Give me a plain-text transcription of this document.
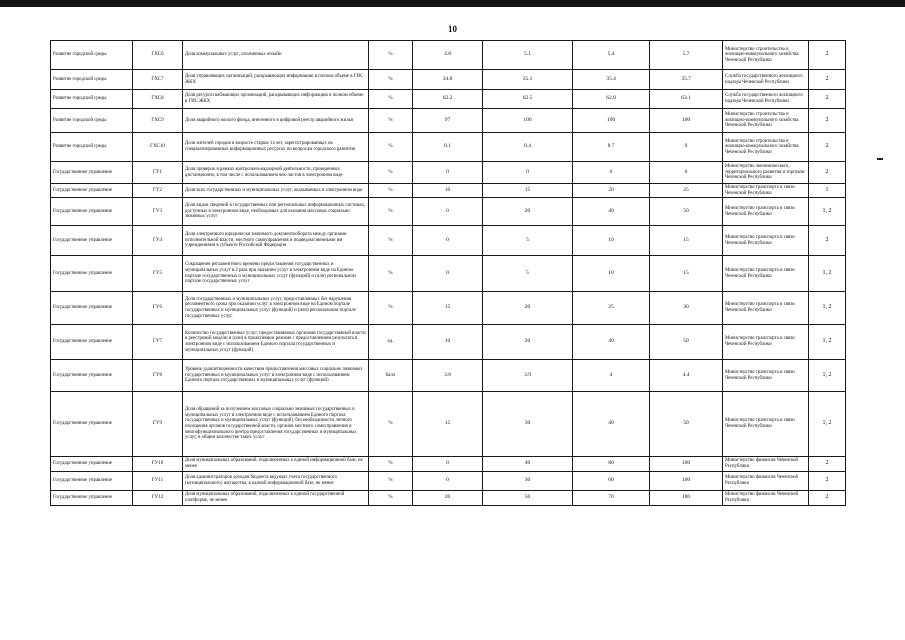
10
Развитие городской среды	ГХС6	Доля коммунальных услуг, оплаченных онлайн	%	4.8	5.1	5.4	5.7	Министерство строительства и жилищно-коммунального хозяйства Чеченской Республики	2
Развитие городской среды	ГХС7	Доля управляющих организаций, раскрывающих информацию в полном объеме в ГИС ЖКХ	%	34.8	35.1	35.4	35.7	Служба государственного жилищного надзора Чеченской Республики	2
Развитие городской среды	ГХС8	Доля ресурсоснабжающих организаций, раскрывающих информацию в полном объеме в ГИС ЖКХ	%	62.2	62.5	62.8	63.1	Служба государственного жилищного надзора Чеченской Республики	2
Развитие городской среды	ГХС9	Доля аварийного жилого фонда, внесенного в цифровой реестр аварийного жилья	%	97	100	100	100	Министерство строительства и жилищно-коммунального хозяйства Чеченской Республики	2
Развитие городской среды	ГХС10	Доля жителей городов в возрасте старше 14 лет, зарегистрированных на специализированных информационных ресурсах по вопросам городского развития	%	8.1	8.4	8.7	9	Министерство строительства и жилищно-коммунального хозяйства Чеченской Республики	2
Государственное управление	ГУ1	Доля проверок в рамках контрольно-надзорной деятельности, проведенных дистанционно, в том числе с использованием чек-листов в электронном виде	%	0	0	0	0	Министерство экономического, территориального развития и торговли Чеченской Республики	2
Государственное управление	ГУ2	Доля всех государственных и муниципальных услуг, оказываемых в электронном виде	%	10	15	20	25	Министерство транспорта и связи Чеченской Республики	1
Государственное управление	ГУ3	Доля видов сведений в государственных или региональных информационных системах, доступных в электронном виде, необходимых для оказания массовых социально значимых услуг	%	0	20	40	50	Министерство транспорта и связи Чеченской Республики	1, 2
Государственное управление	ГУ4	Доля электронного юридически значимого документооборота между органами исполнительной власти, местного самоуправления и подведомственными им учреждениями в субъекте Российской Федерации	%	0	5	10	15	Министерство транспорта и связи Чеченской Республики	2
Государственное управление	ГУ5	Сокращение регламентного времени предоставления государственных и муниципальных услуг в 2 раза при оказании услуг в электронном виде на Едином портале государственных и муниципальных услуг (функций) и (или) региональном портале государственных услуг	%	0	5	10	15	Министерство транспорта и связи Чеченской Республики	1, 2
Государственное управление	ГУ6	Доля государственных и муниципальных услуг, предоставляемых без нарушения регламентного срока при оказании услуг в электронном виде на Едином портале государственных и муниципальных услуг (функций) и (или) региональном портале государственных услуг	%	15	20	25	30	Министерство транспорта и связи Чеченской Республики	1, 2
Государственное управление	ГУ7	Количество государственных услуг, предоставляемых органами государственной власти в реестровой модели и (или) в проактивном режиме с предоставлением результата в электронном виде с использованием Единого портала государственных и муниципальных услуг (функций)	ед.	10	20	40	50	Министерство транспорта и связи Чеченской Республики	1, 2
Государственное управление	ГУ8	Уровень удовлетворенности качеством предоставления массовых социально значимых государственных и муниципальных услуг в электронном виде с использованием Единого портала государственных и муниципальных услуг (функций)	балл	3.8	3.9	4	4.4	Министерство транспорта и связи Чеченской Республики	1, 2
Государственное управление	ГУ9	Доля обращений за получением массовых социально значимых государственных и муниципальных услуг в электронном виде с использованием Единого портала государственных и муниципальных услуг (функций), без необходимости личного посещения органов государственной власти, органов местного самоуправления и многофункционального центра предоставления государственных и муниципальных услуг, в общем количестве таких услуг	%	15	30	40	50	Министерство транспорта и связи Чеченской Республики	1, 2
Государственное управление	ГУ10	Доля муниципальных образований, подключенных к единой информационной базе, не менее	%	0	40	80	100	Министерство финансов Чеченской Республики	2
Государственное управление	ГУ11	Доля администраторов доходов бюджета ведущих учета государственного (муниципального) имущества, в единой информационной базе, не менее	%	0	30	60	100	Министерство финансов Чеченской Республики	2
Государственное управление	ГУ12	Доля муниципальных образований, подключенных к единой государственной платформе, не менее	%	20	50	70	100	Министерство финансов Чеченской Республики	2
